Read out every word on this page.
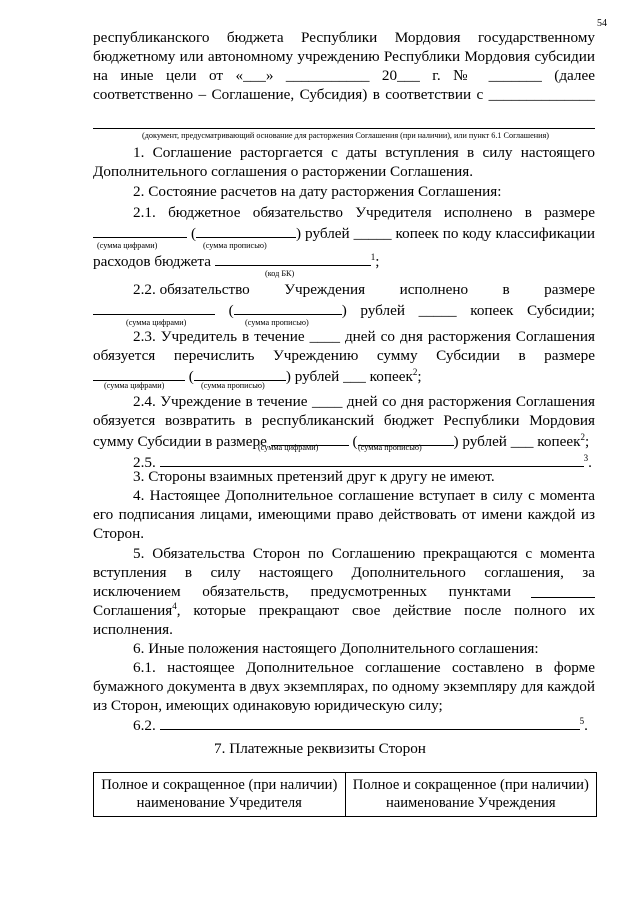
54
республиканского бюджета Республики Мордовия государственному
бюджетному или автономному учреждению Республики Мордовия субсидии
на иные цели от «___» ___________ 20___ г. № _______ (далее
соответственно – Соглашение, Субсидия) в соответствии с ______________
(документ, предусматривающий основание для расторжения Соглашения (при наличии), или пункт 6.1 Соглашения)
1. Соглашение расторгается с даты вступления в силу настоящего
Дополнительного соглашения о расторжении Соглашения.
2. Состояние расчетов на дату расторжения Соглашения:
2.1. бюджетное обязательство Учредителя исполнено в размере
(	) рублей _____ копеек по коду классификации
(сумма цифрами)	(сумма прописью)
расходов бюджета	$^1$;
(код БК)
2.2. обязательство Учреждения исполнено в размере
(	) рублей _____ копеек Субсидии;
(сумма цифрами)	(сумма прописью)
2.3. Учредитель в течение ____ дней со дня расторжения Соглашения
обязуется перечислить Учреждению сумму Субсидии в размере
(	) рублей ___ копеек$^2$;
(сумма цифрами)	(сумма прописью)
2.4. Учреждение в течение ____ дней со дня расторжения Соглашения
обязуется возвратить в республиканский бюджет Республики Мордовия
сумму Субсидии в размере	(	) рублей ___ копеек$^2$;
(сумма цифрами)	(сумма прописью)
2.5.	$^3$.
3. Стороны взаимных претензий друг к другу не имеют.
4. Настоящее Дополнительное соглашение вступает в силу с момента
его подписания лицами, имеющими право действовать от имени каждой из
Сторон.
5. Обязательства Сторон по Соглашению прекращаются с момента
вступления в силу настоящего Дополнительного соглашения, за
исключением обязательств, предусмотренных пунктами
Соглашения$^4$, которые прекращают свое действие после полного их
исполнения.
6. Иные положения настоящего Дополнительного соглашения:
6.1. настоящее Дополнительное соглашение составлено в форме
бумажного документа в двух экземплярах, по одному экземпляру для каждой
из Сторон, имеющих одинаковую юридическую силу;
6.2.	$^5$.
7. Платежные реквизиты Сторон
Полное и сокращенное (при наличии)
наименование Учредителя

Полное и сокращенное (при наличии)
наименование Учреждения
